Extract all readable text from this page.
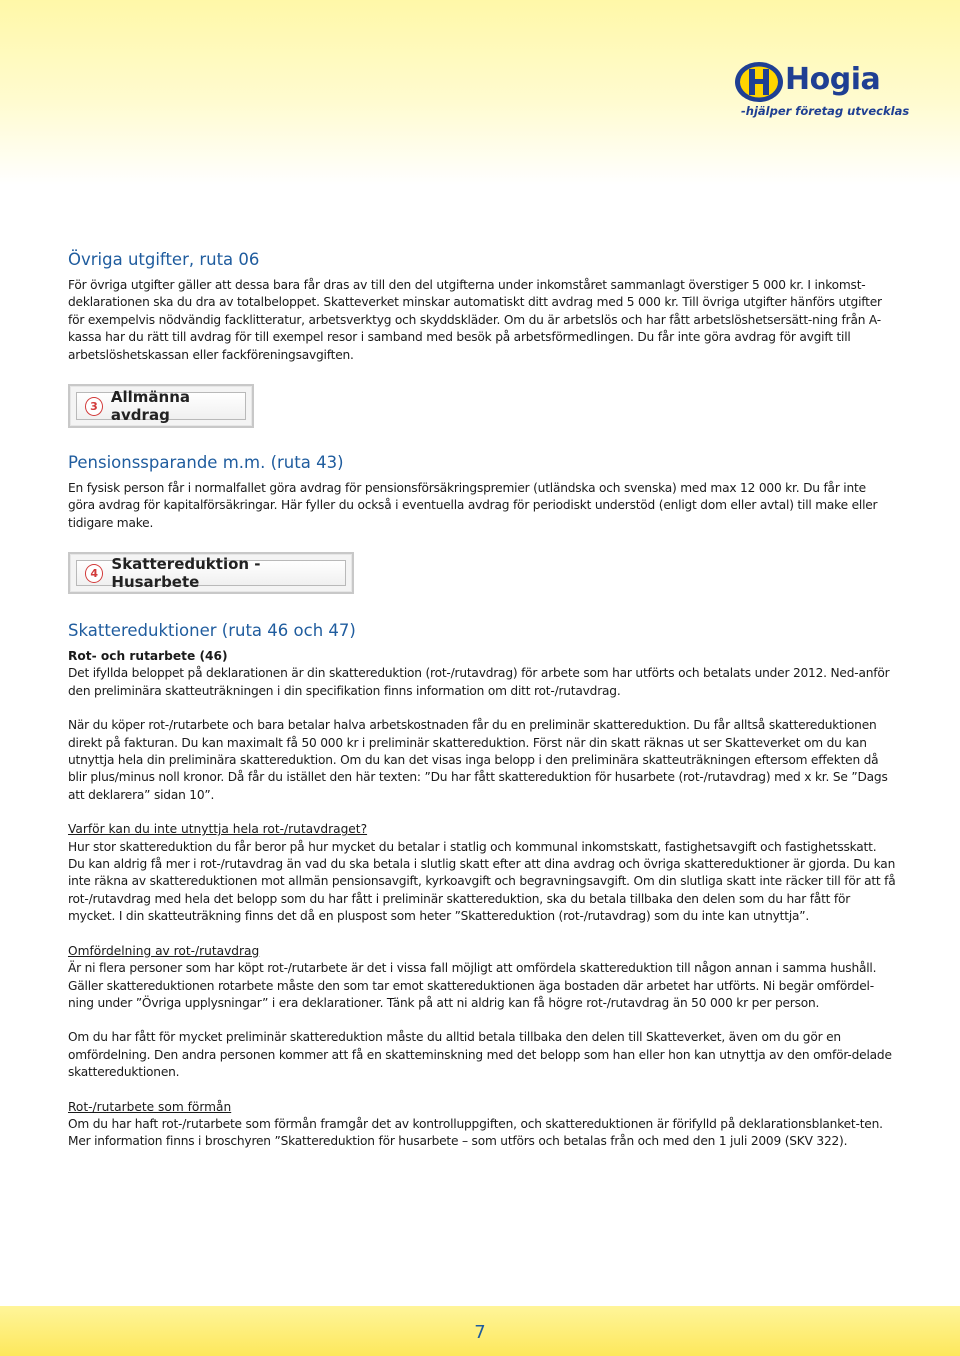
Hogia
-hjälper företag utvecklas
Övriga utgifter, ruta 06

För övriga utgifter gäller att dessa bara får dras av till den del utgifterna under inkomståret sammanlagt överstiger 5 000 kr. I inkomst-deklarationen ska du dra av totalbeloppet. Skatteverket minskar automatiskt ditt avdrag med 5 000 kr. Till övriga utgifter hänförs utgifter för exempelvis nödvändig facklitteratur, arbetsverktyg och skyddskläder. Om du är arbetslös och har fått arbetslöshetsersätt-ning från A-kassa har du rätt till avdrag för till exempel resor i samband med besök på arbetsförmedlingen. Du får inte göra avdrag för avgift till arbetslöshetskassan eller fackföreningsavgiften.

3 Allmänna avdrag
Pensionssparande m.m. (ruta 43)

En fysisk person får i normalfallet göra avdrag för pensionsförsäkringspremier (utländska och svenska) med max 12 000 kr. Du får inte göra avdrag för kapitalförsäkringar. Här fyller du också i eventuella avdrag för periodiskt understöd (enligt dom eller avtal) till make eller tidigare make.

4 Skattereduktion - Husarbete
Skattereduktioner (ruta 46 och 47)
Rot- och rutarbete (46)

Det ifyllda beloppet på deklarationen är din skattereduktion (rot-/rutavdrag) för arbete som har utförts och betalats under 2012. Ned-anför den preliminära skatteuträkningen i din specifikation finns information om ditt rot-/rutavdrag.

När du köper rot-/rutarbete och bara betalar halva arbetskostnaden får du en preliminär skattereduktion. Du får alltså skattereduktionen direkt på fakturan. Du kan maximalt få 50 000 kr i preliminär skattereduktion. Först när din skatt räknas ut ser Skatteverket om du kan utnyttja hela din preliminära skattereduktion. Om du kan det visas inga belopp i den preliminära skatteuträkningen eftersom effekten då blir plus/minus noll kronor. Då får du istället den här texten: ”Du har fått skattereduktion för husarbete (rot-/rutavdrag) med x kr. Se ”Dags att deklarera” sidan 10”.

Varför kan du inte utnyttja hela rot-/rutavdraget?

Hur stor skattereduktion du får beror på hur mycket du betalar i statlig och kommunal inkomstskatt, fastighetsavgift och fastighetsskatt. Du kan aldrig få mer i rot-/rutavdrag än vad du ska betala i slutlig skatt efter att dina avdrag och övriga skattereduktioner är gjorda. Du kan inte räkna av skattereduktionen mot allmän pensionsavgift, kyrkoavgift och begravningsavgift. Om din slutliga skatt inte räcker till för att få rot-/rutavdrag med hela det belopp som du har fått i preliminär skattereduktion, ska du betala tillbaka den delen som du har fått för mycket. I din skatteuträkning finns det då en pluspost som heter ”Skattereduktion (rot-/rutavdrag) som du inte kan utnyttja”.

Omfördelning av rot-/rutavdrag

Är ni flera personer som har köpt rot-/rutarbete är det i vissa fall möjligt att omfördela skattereduktion till någon annan i samma hushåll. Gäller skattereduktionen rotarbete måste den som tar emot skattereduktionen äga bostaden där arbetet har utförts. Ni begär omfördel-ning under ”Övriga upplysningar” i era deklarationer. Tänk på att ni aldrig kan få högre rot-/rutavdrag än 50 000 kr per person.

Om du har fått för mycket preliminär skattereduktion måste du alltid betala tillbaka den delen till Skatteverket, även om du gör en omfördelning. Den andra personen kommer att få en skatteminskning med det belopp som han eller hon kan utnyttja av den omför-delade skattereduktionen.

Rot-/rutarbete som förmån

Om du har haft rot-/rutarbete som förmån framgår det av kontrolluppgiften, och skattereduktionen är förifylld på deklarationsblanket-ten. Mer information finns i broschyren ”Skattereduktion för husarbete – som utförs och betalas från och med den 1 juli 2009 (SKV 322).

7
